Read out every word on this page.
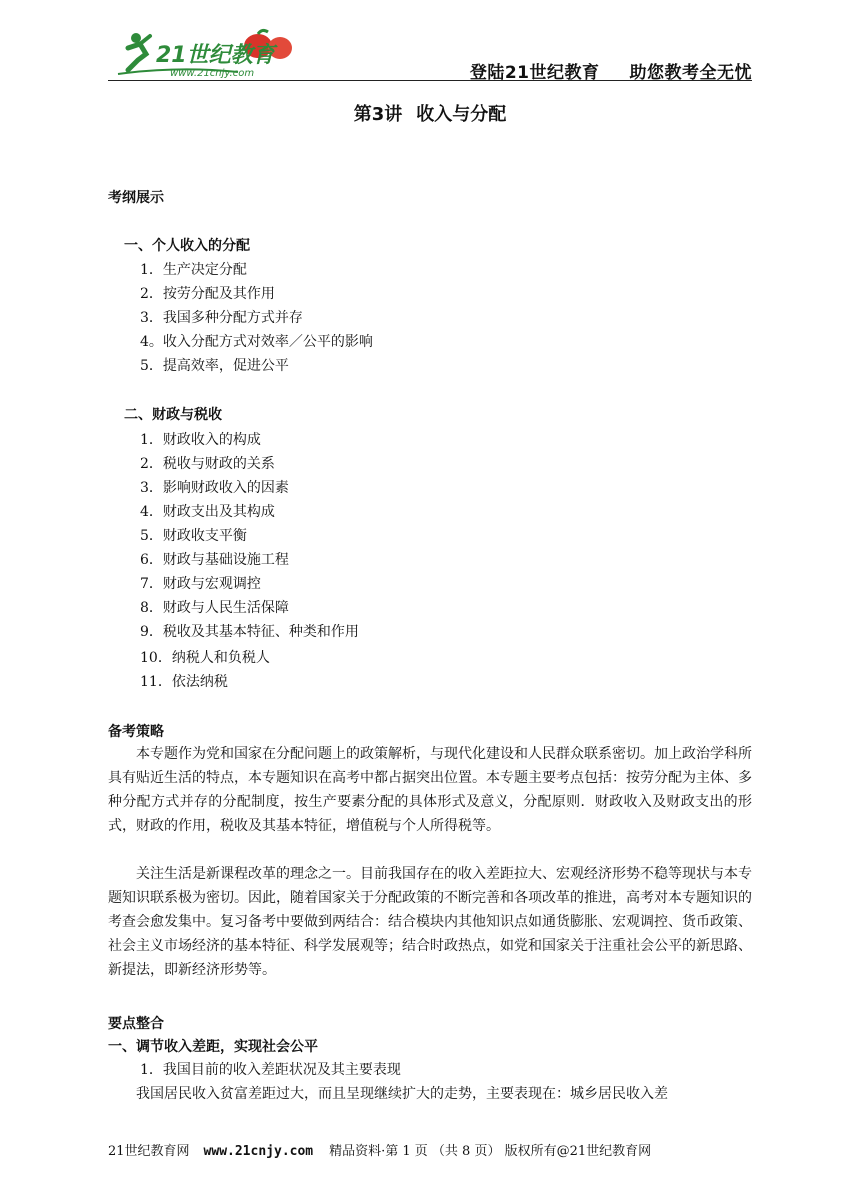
21世纪教育
www.21cnjy.com	登陆21世纪教育 助您教考全无忧
第3讲 收入与分配
考纲展示
一、个人收入的分配
1．生产决定分配
2．按劳分配及其作用
3．我国多种分配方式并存
4。收入分配方式对效率／公平的影响
5．提高效率，促进公平
二、财政与税收
1．财政收入的构成
2．税收与财政的关系
3．影响财政收入的因素
4．财政支出及其构成
5．财政收支平衡
6．财政与基础设施工程
7．财政与宏观调控
8．财政与人民生活保障
9．税收及其基本特征、种类和作用
10．纳税人和负税人
11．依法纳税
备考策略

本专题作为党和国家在分配问题上的政策解析，与现代化建设和人民群众联系密切。加上政治学科所具有贴近生活的特点，本专题知识在高考中都占据突出位置。本专题主要考点包括：按劳分配为主体、多种分配方式并存的分配制度，按生产要素分配的具体形式及意义，分配原则．财政收入及财政支出的形式，财政的作用，税收及其基本特征，增值税与个人所得税等。

关注生活是新课程改革的理念之一。目前我国存在的收入差距拉大、宏观经济形势不稳等现状与本专题知识联系极为密切。因此，随着国家关于分配政策的不断完善和各项改革的推进，高考对本专题知识的考查会愈发集中。复习备考中要做到两结合：结合模块内其他知识点如通货膨胀、宏观调控、货币政策、社会主义市场经济的基本特征、科学发展观等；结合时政热点，如党和国家关于注重社会公平的新思路、新提法，即新经济形势等。

要点整合
一、调节收入差距，实现社会公平
1．我国目前的收入差距状况及其主要表现

我国居民收入贫富差距过大，而且呈现继续扩大的走势，主要表现在：城乡居民收入差

21世纪教育网 www.21cnjy.com 精品资料·第 1 页 （共 8 页） 版权所有@21世纪教育网
